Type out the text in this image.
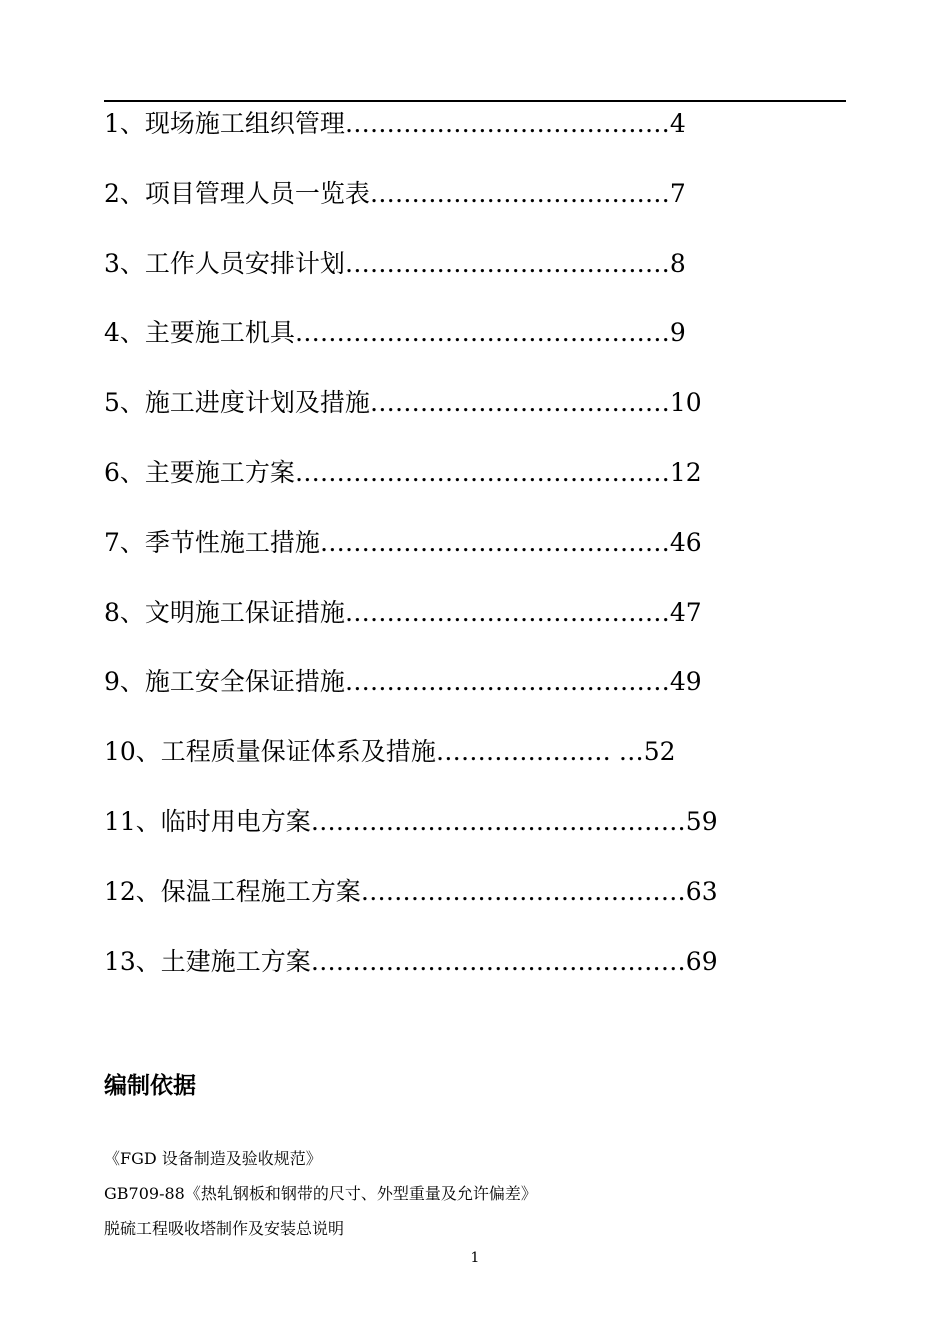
1、现场施工组织管理…………………………………4
2、项目管理人员一览表………………………………7
3、工作人员安排计划…………………………………8
4、主要施工机具………………………………………9
5、施工进度计划及措施………………………………10
6、主要施工方案………………………………………12
7、季节性施工措施……………………………………46
8、文明施工保证措施…………………………………47
9、施工安全保证措施…………………………………49
10、工程质量保证体系及措施………………… …52
11、临时用电方案………………………………………59
12、保温工程施工方案…………………………………63
13、土建施工方案………………………………………69
编制依据
《FGD 设备制造及验收规范》
GB709-88《热轧钢板和钢带的尺寸、外型重量及允许偏差》
脱硫工程吸收塔制作及安装总说明
1
